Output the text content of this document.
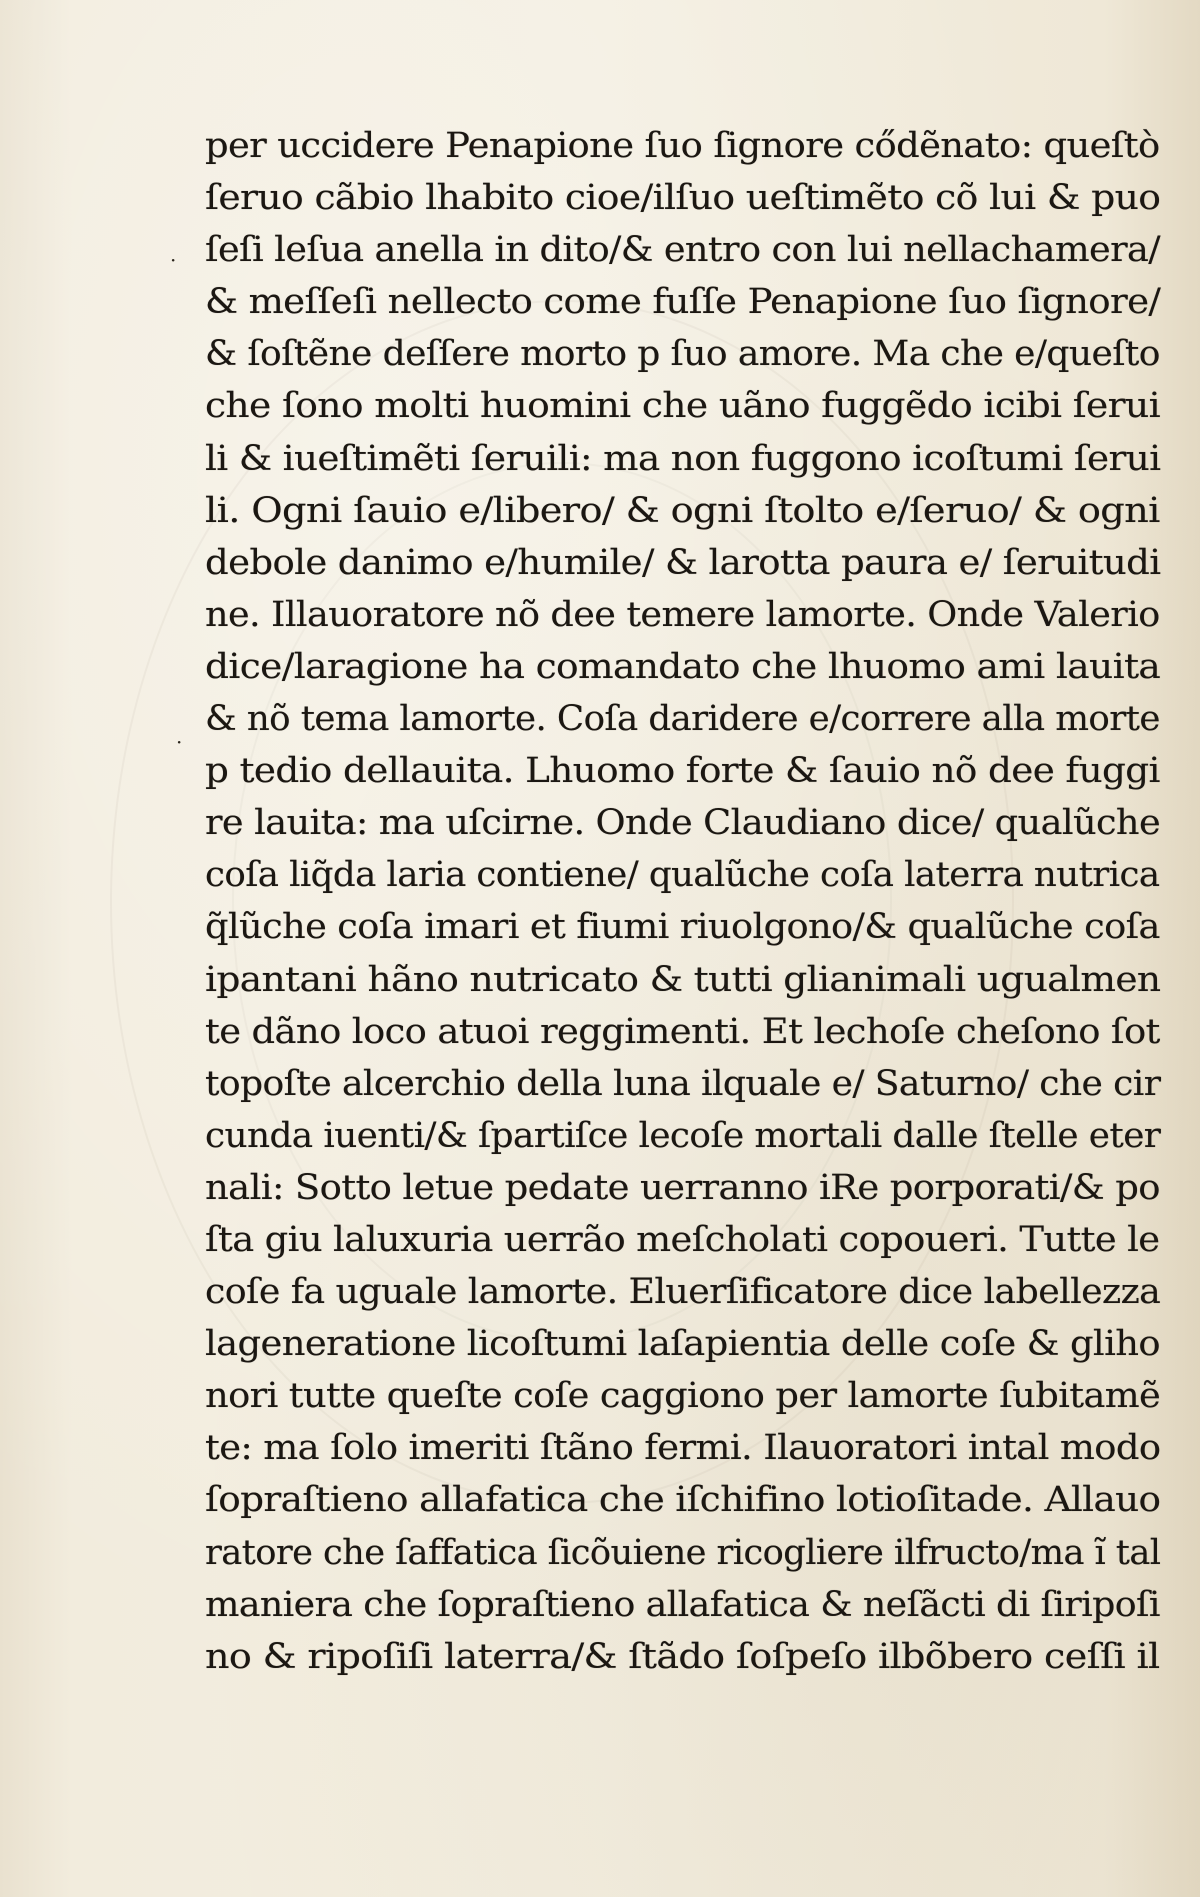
·
·
per uccidere Penapione ſuo ſignore cődẽnato: queſtò
ſeruo cãbio lhabito cioe/ilſuo ueſtimẽto cõ lui & puo
ſeſi leſua anella in dito/& entro con lui nellachamera/
& meſſeſi nellecto come fuſſe Penapione ſuo ſignore/
& ſoſtẽne deſſere morto p ſuo amore. Ma che e/queſto
che ſono molti huomini che uãno fuggẽdo icibi ſerui
li & iueſtimẽti ſeruili: ma non fuggono icoſtumi ſerui
li. Ogni ſauio e/libero/ & ogni ſtolto e/ſeruo/ & ogni
debole danimo e/humile/ & larotta paura e/ ſeruitudi
ne. Illauoratore nõ dee temere lamorte. Onde Valerio
dice/laragione ha comandato che lhuomo ami lauita
& nõ tema lamorte. Coſa daridere e/correre alla morte
p tedio dellauita. Lhuomo forte & ſauio nõ dee fuggi
re lauita: ma uſcirne. Onde Claudiano dice/ qualũche
coſa liq̃da laria contiene/ qualũche coſa laterra nutrica
q̃lũche coſa imari et fiumi riuolgono/& qualũche coſa
ipantani hãno nutricato & tutti glianimali ugualmen
te dãno loco atuoi reggimenti. Et lechoſe cheſono ſot
topoſte alcerchio della luna ilquale e/ Saturno/ che cir
cunda iuenti/& ſpartiſce lecoſe mortali dalle ſtelle eter
nali: Sotto letue pedate uerranno iRe porporati/& po
ſta giu laluxuria uerrão meſcholati copoueri. Tutte le
coſe fa uguale lamorte. Eluerſificatore dice labellezza
lageneratione licoſtumi laſapientia delle coſe & gliho
nori tutte queſte coſe caggiono per lamorte ſubitamẽ
te: ma ſolo imeriti ſtãno fermi. Ilauoratori intal modo
ſopraſtieno allafatica che iſchifino lotioſitade. Allauo
ratore che ſaffatica ſicõuiene ricogliere ilfructo/ma ĩ tal
maniera che ſopraſtieno allafatica & neſãcti di ſiripoſi
no & ripoſiſi laterra/& ſtãdo ſoſpeſo ilbõbero ceſſi il
